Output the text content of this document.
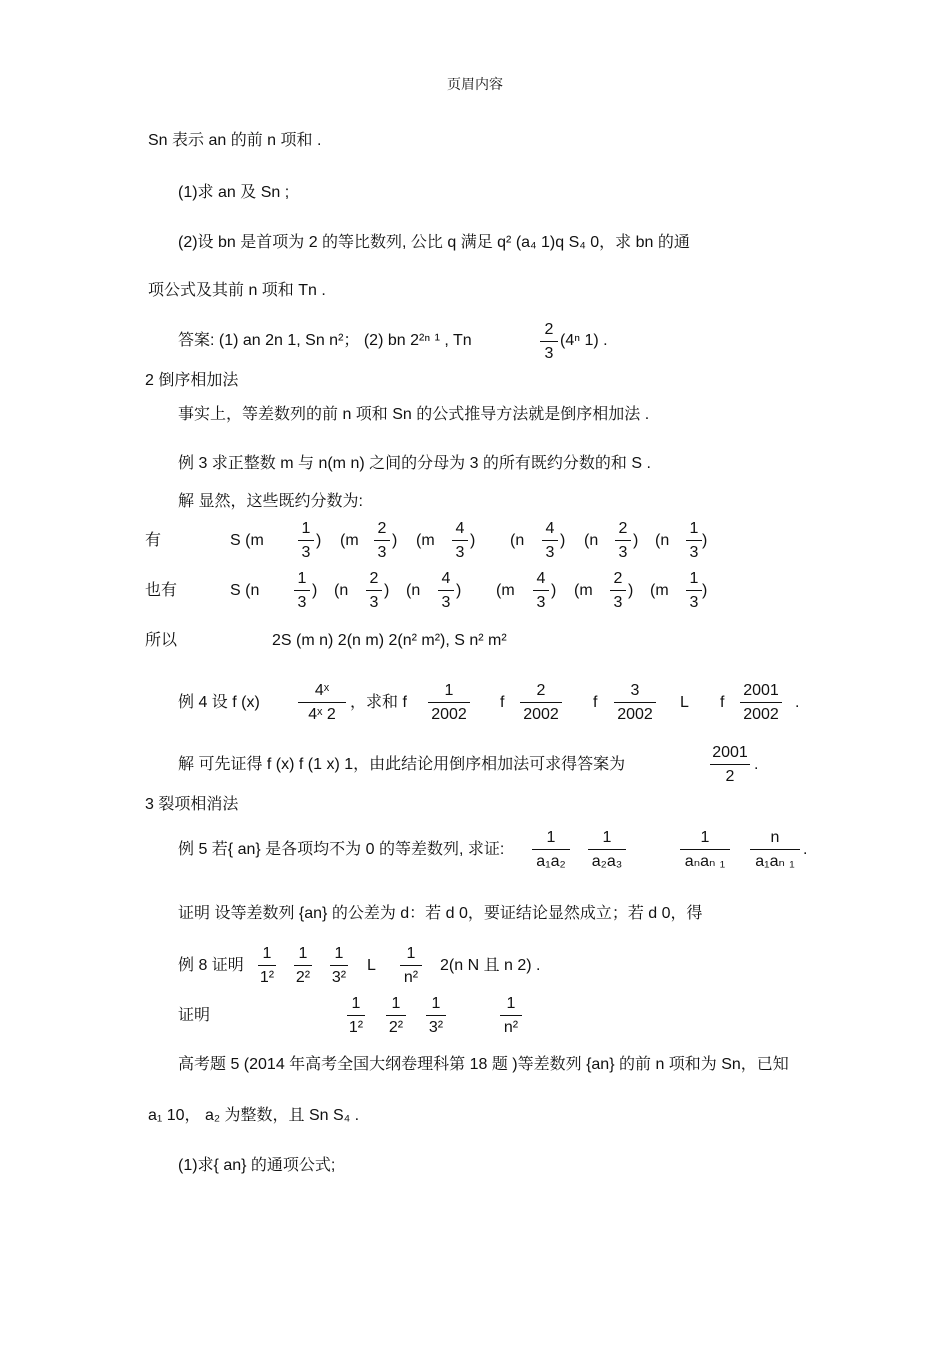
页眉内容
Sn 表示 an 的前 n 项和 .
(1)求 an 及 Sn ;
(2)设 bn 是首项为 2 的等比数列, 公比 q 满足 q² (a₄ 1)q S₄ 0，求 bn 的通
项公式及其前 n 项和 Tn .
答案: (1) an 2n 1, Sn n²； (2) bn 2²ⁿ ¹ , Tn
2
3
(4ⁿ 1) .
2 倒序相加法
事实上，等差数列的前 n 项和 Sn 的公式推导方法就是倒序相加法 .
例 3 求正整数 m 与 n(m n) 之间的分母为 3 的所有既约分数的和 S .
解 显然，这些既约分数为:
有	S (m
1
3
) (m
2
3
) (m
4
3
) (n
4
3
) (n
2
3
) (n
1
3
)
也有	S (n
1
3
) (n
2
3
) (n
4
3
) (m
4
3
) (m
2
3
) (m
1
3
)
所以	2S (m n) 2(n m) 2(n² m²), S n² m²
例 4 设 f (x)
4ˣ
4ˣ 2
，求和 f
1
2002
f
2
2002
f
3
2002
L f
2001
2002
.
解 可先证得 f (x) f (1 x) 1，由此结论用倒序相加法可求得答案为
2001
2
.
3 裂项相消法
例 5 若{ an} 是各项均不为 0 的等差数列, 求证:
1
a₁a₂
1
a₂a₃
1
aₙaₙ ₁
n
a₁aₙ ₁
.
证明 设等差数列 {an} 的公差为 d：若 d 0，要证结论显然成立；若 d 0，得
例 8 证明
1
1²
1
2²
1
3²
L
1
n²
2(n N 且 n 2) .
证明
1
1²
1
2²
1
3²
1
n²
高考题 5 (2014 年高考全国大纲卷理科第 18 题 )等差数列 {an} 的前 n 项和为 Sn，已知
a₁ 10， a₂ 为整数，且 Sn S₄ .
(1)求{ an} 的通项公式;
